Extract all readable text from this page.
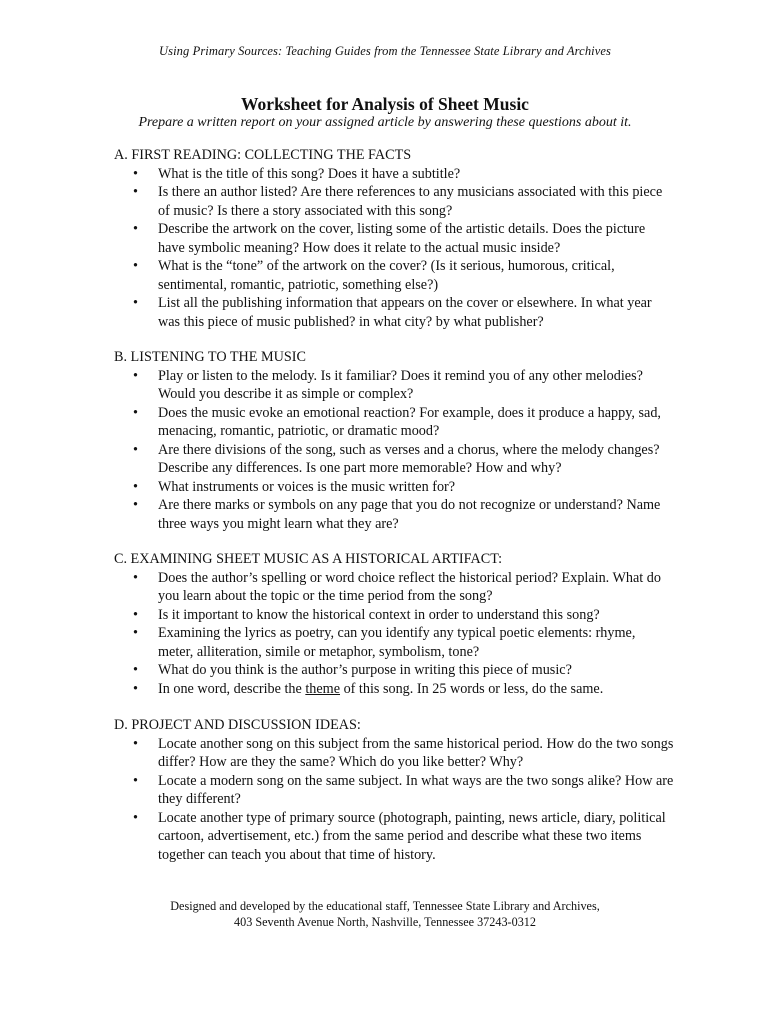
Using Primary Sources: Teaching Guides from the Tennessee State Library and Archives
Worksheet for Analysis of Sheet Music
Prepare a written report on your assigned article by answering these questions about it.
A. FIRST READING: COLLECTING THE FACTS
• What is the title of this song? Does it have a subtitle?
• Is there an author listed? Are there references to any musicians associated with this piece of music? Is there a story associated with this song?
• Describe the artwork on the cover, listing some of the artistic details. Does the picture have symbolic meaning? How does it relate to the actual music inside?
• What is the “tone” of the artwork on the cover? (Is it serious, humorous, critical, sentimental, romantic, patriotic, something else?)
• List all the publishing information that appears on the cover or elsewhere. In what year was this piece of music published? in what city? by what publisher?
B. LISTENING TO THE MUSIC
• Play or listen to the melody. Is it familiar? Does it remind you of any other melodies? Would you describe it as simple or complex?
• Does the music evoke an emotional reaction? For example, does it produce a happy, sad, menacing, romantic, patriotic, or dramatic mood?
• Are there divisions of the song, such as verses and a chorus, where the melody changes? Describe any differences. Is one part more memorable? How and why?
• What instruments or voices is the music written for?
• Are there marks or symbols on any page that you do not recognize or understand? Name three ways you might learn what they are?
C. EXAMINING SHEET MUSIC AS A HISTORICAL ARTIFACT:
• Does the author’s spelling or word choice reflect the historical period? Explain. What do you learn about the topic or the time period from the song?
• Is it important to know the historical context in order to understand this song?
• Examining the lyrics as poetry, can you identify any typical poetic elements: rhyme, meter, alliteration, simile or metaphor, symbolism, tone?
• What do you think is the author’s purpose in writing this piece of music?
• In one word, describe the theme of this song. In 25 words or less, do the same.
D. PROJECT AND DISCUSSION IDEAS:
• Locate another song on this subject from the same historical period. How do the two songs differ? How are they the same? Which do you like better? Why?
• Locate a modern song on the same subject. In what ways are the two songs alike? How are they different?
• Locate another type of primary source (photograph, painting, news article, diary, political cartoon, advertisement, etc.) from the same period and describe what these two items together can teach you about that time of history.
Designed and developed by the educational staff, Tennessee State Library and Archives,
403 Seventh Avenue North, Nashville, Tennessee 37243-0312
